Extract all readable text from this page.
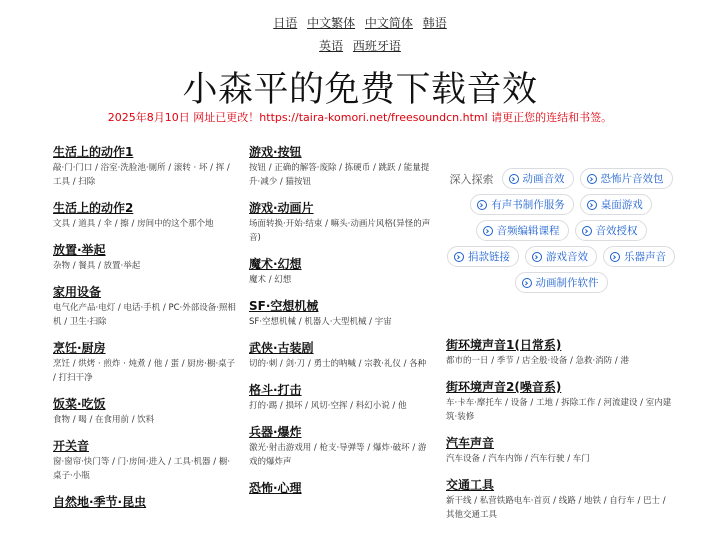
日语 中文繁体 中文简体 韩语
英语 西班牙语
小森平的免费下载音效
2025年8月10日 网址已更改！https://taira-komori.net/freesoundcn.html 请更正您的连结和书签。
生活上的动作1

敲·门·门口 / 浴室·洗脸池·厕所 / 滚转 · 坏 / 挥 / 工具 / 扫除

生活上的动作2

文具 / 道具 / 伞 / 擦 / 房间中的这个那个地

放置·举起

杂物 / 餐具 / 放置·举起

家用设备

电气化产品·电灯 / 电话·手机 / PC·外部设备·照相机 / 卫生·扫除

烹饪·厨房

烹饪 / 烘烤 · 煎炸 · 炖煮 / 他 / 蛋 / 厨房·橱·桌子 / 打扫干净

饭菜·吃饭

食物 / 喝 / 在食用前 / 饮料

开关音

窗·窗帘·快门等 / 门·房间·进入 / 工具·机器 / 橱·桌子·小瓶

自然地·季节·昆虫
游戏·按钮

按钮 / 正确的解答·废除 / 拣硬币 / 跳跃 / 能量提升·减少 / 猫按钮

游戏·动画片

场面转换·开始·结束 / 嘛头·动画片风格(异怪的声音)

魔术·幻想

魔术 / 幻想

SF·空想机械

SF·空想机械 / 机器人·大型机械 / 宇宙

武侠·古装剧

切的·刺 / 剑·刀 / 勇士的呐喊 / 宗教·礼仪 / 各种

格斗·打击

打的·踢 / 损坏 / 风切·空挥 / 科幻小说 / 他

兵器·爆炸

激光·射击游戏用 / 枪支·导弹等 / 爆炸·破坏 / 游戏的爆炸声

恐怖·心理
深入探索	动画音效	恐怖片音效包
有声书制作服务	桌面游戏
音频编辑课程	音效授权
捐款链接	游戏音效	乐器声音
动画制作软件
街环境声音1(日常系)

都市的一日 / 季节 / 店全般·设备 / 急救·消防 / 港

街环境声音2(噪音系)

车·卡车·摩托车 / 设备 / 工地 / 拆除工作 / 河流建设 / 室内建筑·装修

汽车声音

汽车设备 / 汽车内饰 / 汽车行驶 / 车门

交通工具

新干线 / 私营铁路电车·首页 / 线路 / 地铁 / 自行车 / 巴士 / 其他交通工具
